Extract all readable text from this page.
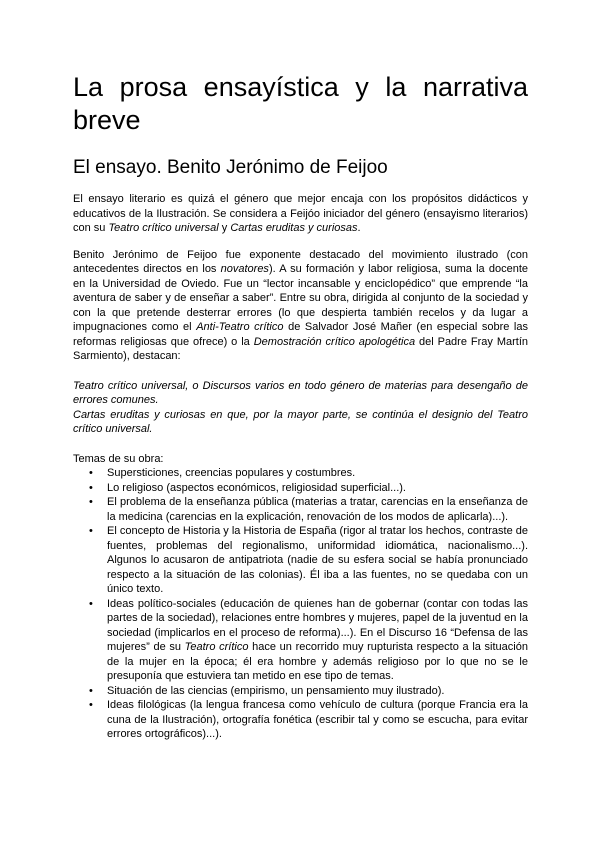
La prosa ensayística y la narrativa breve
El ensayo. Benito Jerónimo de Feijoo

El ensayo literario es quizá el género que mejor encaja con los propósitos didácticos y educativos de la Ilustración. Se considera a Feijóo iniciador del género (ensayismo literarios) con su Teatro crítico universal y Cartas eruditas y curiosas.

Benito Jerónimo de Feijoo fue exponente destacado del movimiento ilustrado (con antecedentes directos en los novatores). A su formación y labor religiosa, suma la docente en la Universidad de Oviedo. Fue un “lector incansable y enciclopédico” que emprende “la aventura de saber y de enseñar a saber”. Entre su obra, dirigida al conjunto de la sociedad y con la que pretende desterrar errores (lo que despierta también recelos y da lugar a impugnaciones como el Anti-Teatro crítico de Salvador José Mañer (en especial sobre las reformas religiosas que ofrece) o la Demostración crítico apologética del Padre Fray Martín Sarmiento), destacan:

Teatro crítico universal, o Discursos varios en todo género de materias para desengaño de errores comunes.

Cartas eruditas y curiosas en que, por la mayor parte, se continúa el designio del Teatro crítico universal.

Temas de su obra:

• Supersticiones, creencias populares y costumbres.
• Lo religioso (aspectos económicos, religiosidad superficial...).
• El problema de la enseñanza pública (materias a tratar, carencias en la enseñanza de la medicina (carencias en la explicación, renovación de los modos de aplicarla)...).
• El concepto de Historia y la Historia de España (rigor al tratar los hechos, contraste de fuentes, problemas del regionalismo, uniformidad idiomática, nacionalismo...). Algunos lo acusaron de antipatriota (nadie de su esfera social se había pronunciado respecto a la situación de las colonias). Él iba a las fuentes, no se quedaba con un único texto.
• Ideas político-sociales (educación de quienes han de gobernar (contar con todas las partes de la sociedad), relaciones entre hombres y mujeres, papel de la juventud en la sociedad (implicarlos en el proceso de reforma)...). En el Discurso 16 “Defensa de las mujeres” de su Teatro crítico hace un recorrido muy rupturista respecto a la situación de la mujer en la época; él era hombre y además religioso por lo que no se le presuponía que estuviera tan metido en ese tipo de temas.
• Situación de las ciencias (empirismo, un pensamiento muy ilustrado).
• Ideas filológicas (la lengua francesa como vehículo de cultura (porque Francia era la cuna de la Ilustración), ortografía fonética (escribir tal y como se escucha, para evitar errores ortográficos)...).
